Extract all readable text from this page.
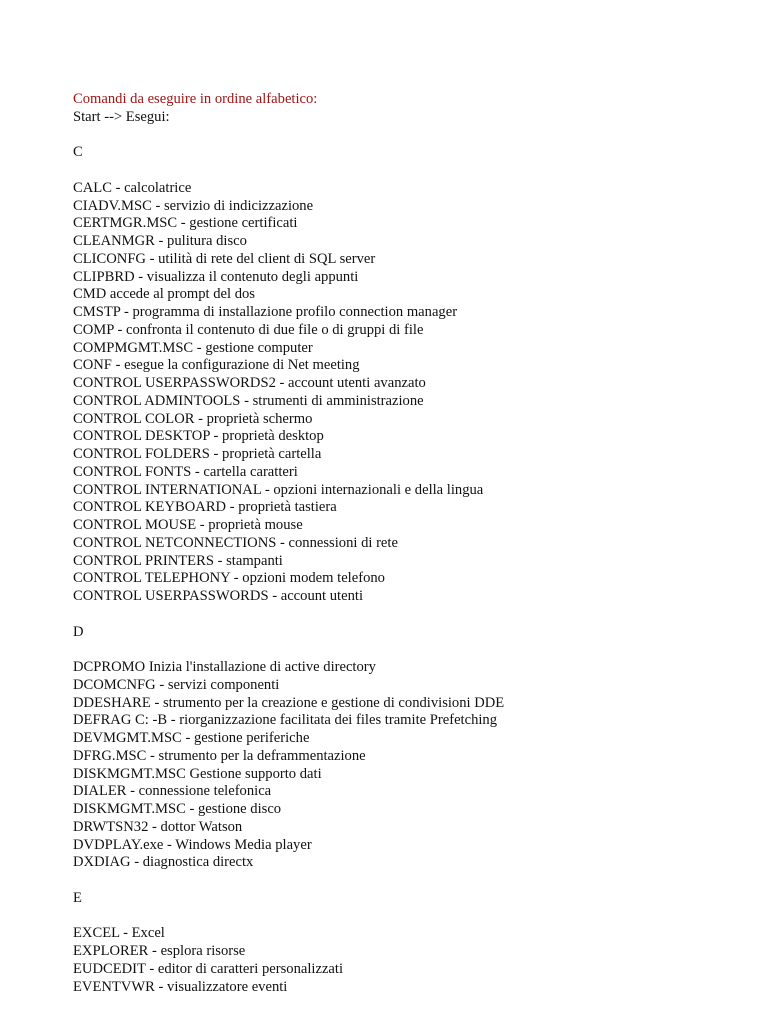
Comandi da eseguire in ordine alfabetico:
Start --> Esegui:
C
CALC - calcolatrice
CIADV.MSC - servizio di indicizzazione
CERTMGR.MSC - gestione certificati
CLEANMGR - pulitura disco
CLICONFG - utilità di rete del client di SQL server
CLIPBRD - visualizza il contenuto degli appunti
CMD accede al prompt del dos
CMSTP - programma di installazione profilo connection manager
COMP - confronta il contenuto di due file o di gruppi di file
COMPMGMT.MSC - gestione computer
CONF - esegue la configurazione di Net meeting
CONTROL USERPASSWORDS2 - account utenti avanzato
CONTROL ADMINTOOLS - strumenti di amministrazione
CONTROL COLOR - proprietà schermo
CONTROL DESKTOP - proprietà desktop
CONTROL FOLDERS - proprietà cartella
CONTROL FONTS - cartella caratteri
CONTROL INTERNATIONAL - opzioni internazionali e della lingua
CONTROL KEYBOARD - proprietà tastiera
CONTROL MOUSE - proprietà mouse
CONTROL NETCONNECTIONS - connessioni di rete
CONTROL PRINTERS - stampanti
CONTROL TELEPHONY - opzioni modem telefono
CONTROL USERPASSWORDS - account utenti
D
DCPROMO Inizia l'installazione di active directory
DCOMCNFG - servizi componenti
DDESHARE - strumento per la creazione e gestione di condivisioni DDE
DEFRAG C: -B - riorganizzazione facilitata dei files tramite Prefetching
DEVMGMT.MSC - gestione periferiche
DFRG.MSC - strumento per la deframmentazione
DISKMGMT.MSC Gestione supporto dati
DIALER - connessione telefonica
DISKMGMT.MSC - gestione disco
DRWTSN32 - dottor Watson
DVDPLAY.exe - Windows Media player
DXDIAG - diagnostica directx
E
EXCEL - Excel
EXPLORER - esplora risorse
EUDCEDIT - editor di caratteri personalizzati
EVENTVWR - visualizzatore eventi
